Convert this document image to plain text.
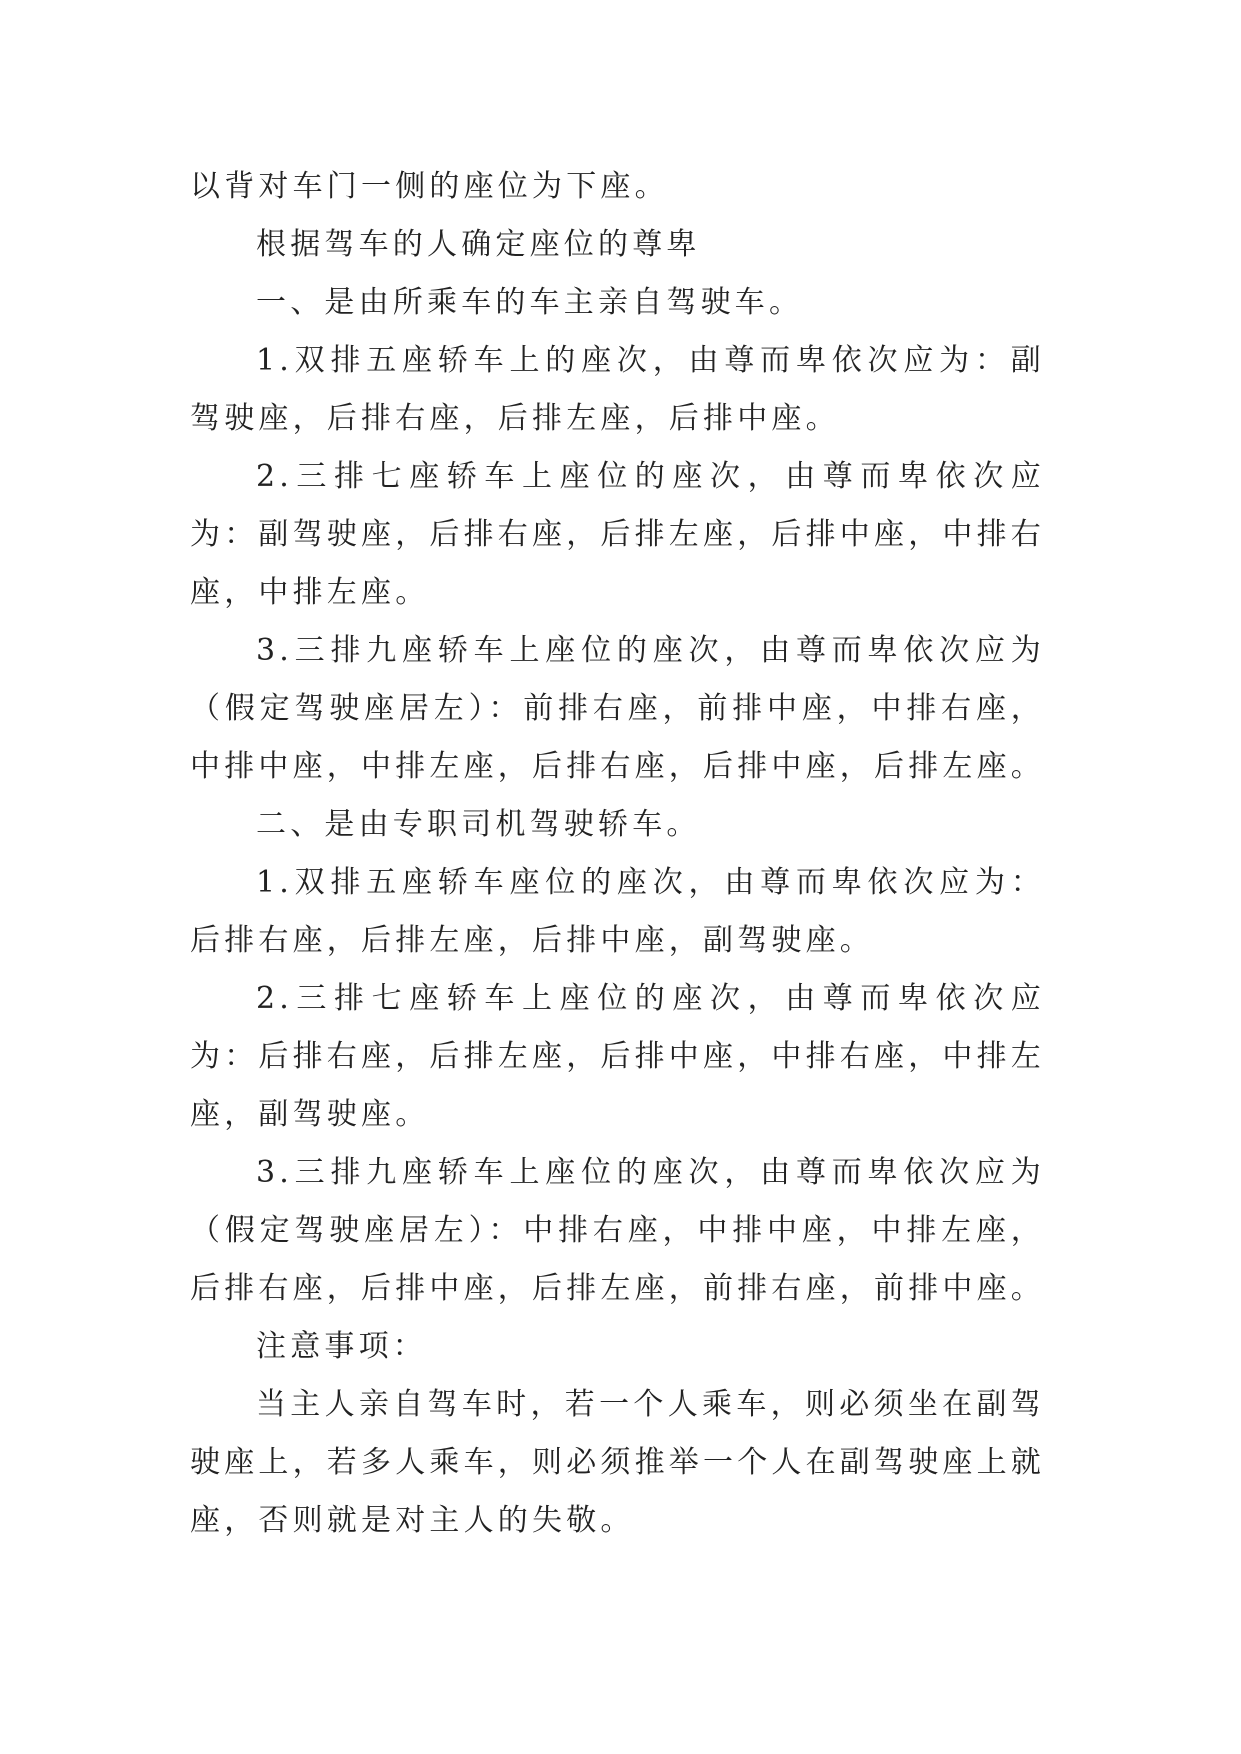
以背对车门一侧的座位为下座。

根据驾车的人确定座位的尊卑

一、是由所乘车的车主亲自驾驶车。

1.双排五座轿车上的座次，由尊而卑依次应为：副驾驶座，后排右座，后排左座，后排中座。

2.三排七座轿车上座位的座次，由尊而卑依次应为：副驾驶座，后排右座，后排左座，后排中座，中排右座，中排左座。

3.三排九座轿车上座位的座次，由尊而卑依次应为（假定驾驶座居左）：前排右座，前排中座，中排右座，中排中座，中排左座，后排右座，后排中座，后排左座。

二、是由专职司机驾驶轿车。

1.双排五座轿车座位的座次，由尊而卑依次应为：后排右座，后排左座，后排中座，副驾驶座。

2.三排七座轿车上座位的座次，由尊而卑依次应为：后排右座，后排左座，后排中座，中排右座，中排左座，副驾驶座。

3.三排九座轿车上座位的座次，由尊而卑依次应为（假定驾驶座居左）：中排右座，中排中座，中排左座，后排右座，后排中座，后排左座，前排右座，前排中座。

注意事项：

当主人亲自驾车时，若一个人乘车，则必须坐在副驾驶座上，若多人乘车，则必须推举一个人在副驾驶座上就座，否则就是对主人的失敬。
